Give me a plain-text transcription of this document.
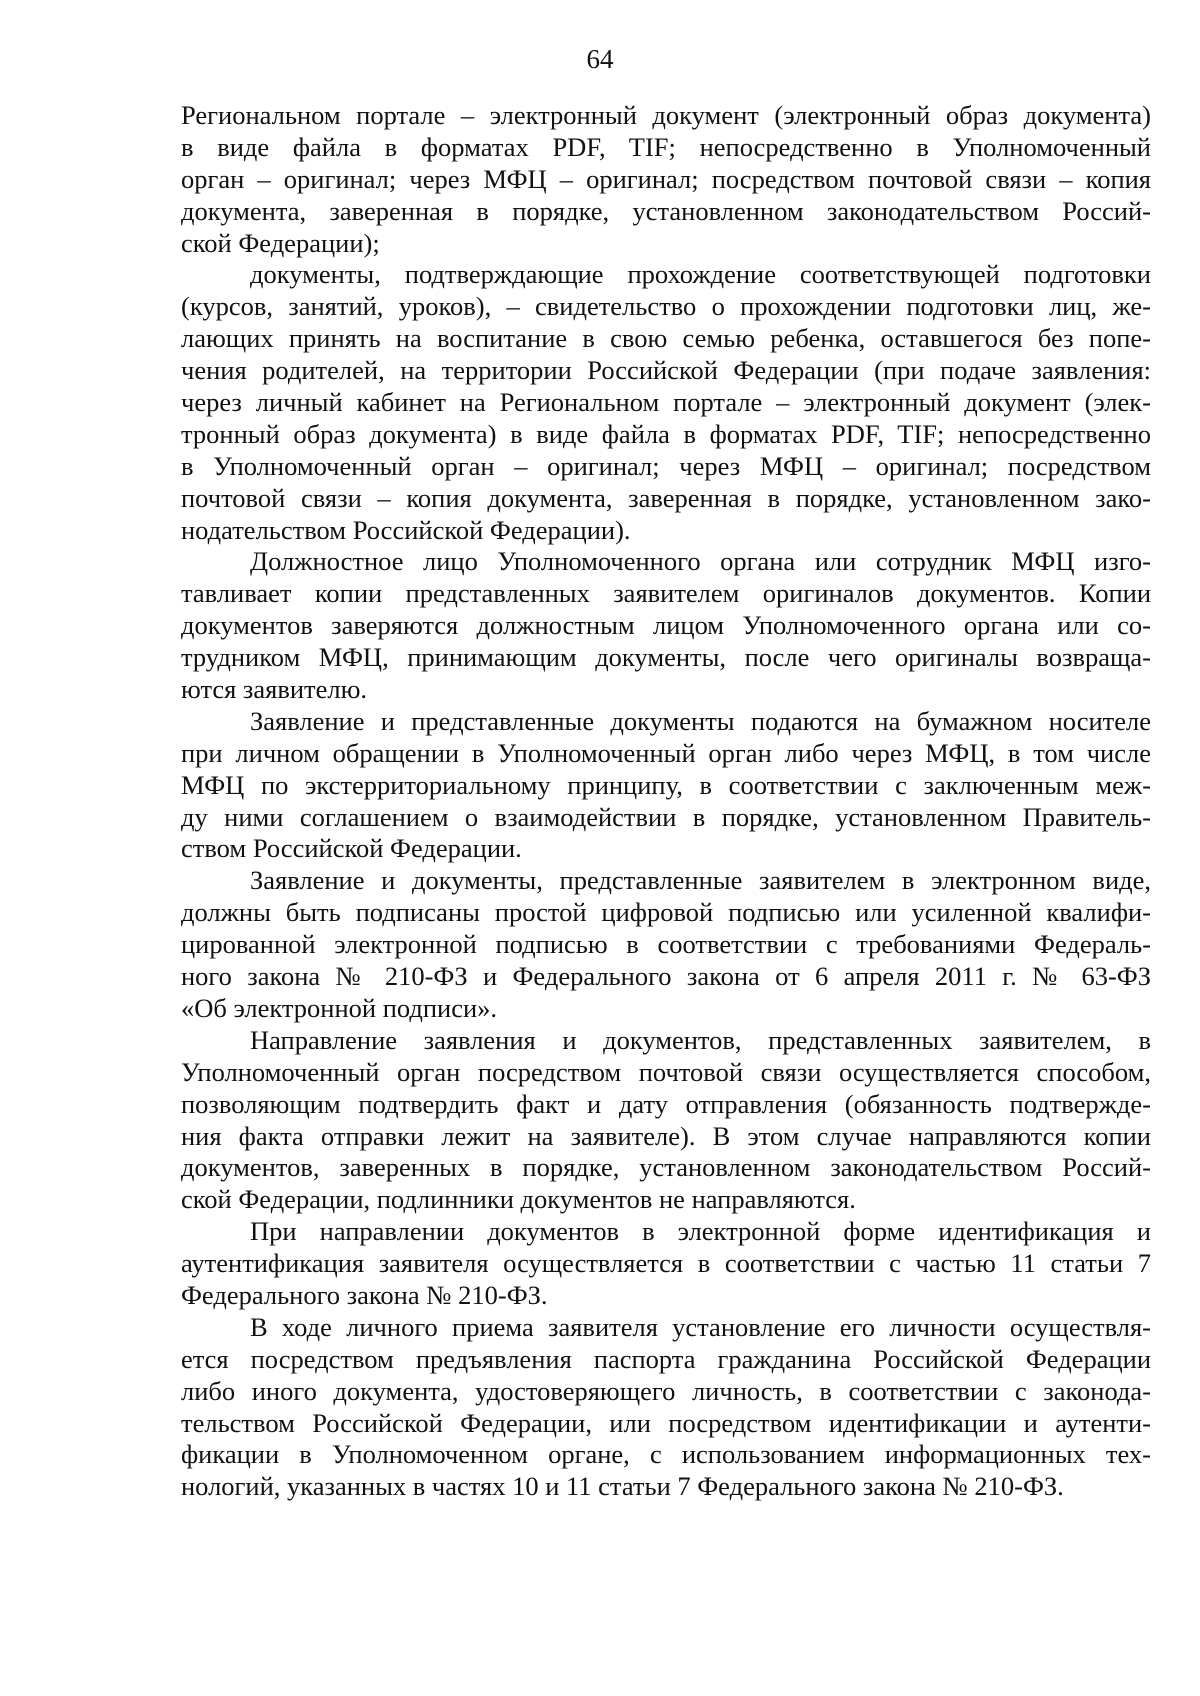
64
Региональном портале – электронный документ (электронный образ документа)
в виде файла в форматах PDF, TIF; непосредственно в Уполномоченный
орган – оригинал; через МФЦ – оригинал; посредством почтовой связи – копия
документа, заверенная в порядке, установленном законодательством Россий-
ской Федерации);
документы, подтверждающие прохождение соответствующей подготовки
(курсов, занятий, уроков), – свидетельство о прохождении подготовки лиц, же-
лающих принять на воспитание в свою семью ребенка, оставшегося без попе-
чения родителей, на территории Российской Федерации (при подаче заявления:
через личный кабинет на Региональном портале – электронный документ (элек-
тронный образ документа) в виде файла в форматах PDF, TIF; непосредственно
в Уполномоченный орган – оригинал; через МФЦ – оригинал; посредством
почтовой связи – копия документа, заверенная в порядке, установленном зако-
нодательством Российской Федерации).
Должностное лицо Уполномоченного органа или сотрудник МФЦ изго-
тавливает копии представленных заявителем оригиналов документов. Копии
документов заверяются должностным лицом Уполномоченного органа или со-
трудником МФЦ, принимающим документы, после чего оригиналы возвраща-
ются заявителю.
Заявление и представленные документы подаются на бумажном носителе
при личном обращении в Уполномоченный орган либо через МФЦ, в том числе
МФЦ по экстерриториальному принципу, в соответствии с заключенным меж-
ду ними соглашением о взаимодействии в порядке, установленном Правитель-
ством Российской Федерации.
Заявление и документы, представленные заявителем в электронном виде,
должны быть подписаны простой цифровой подписью или усиленной квалифи-
цированной электронной подписью в соответствии с требованиями Федераль-
ного закона № 210-ФЗ и Федерального закона от 6 апреля 2011 г. № 63-ФЗ
«Об электронной подписи».
Направление заявления и документов, представленных заявителем, в
Уполномоченный орган посредством почтовой связи осуществляется способом,
позволяющим подтвердить факт и дату отправления (обязанность подтвержде-
ния факта отправки лежит на заявителе). В этом случае направляются копии
документов, заверенных в порядке, установленном законодательством Россий-
ской Федерации, подлинники документов не направляются.
При направлении документов в электронной форме идентификация и
аутентификация заявителя осуществляется в соответствии с частью 11 статьи 7
Федерального закона № 210-ФЗ.
В ходе личного приема заявителя установление его личности осуществля-
ется посредством предъявления паспорта гражданина Российской Федерации
либо иного документа, удостоверяющего личность, в соответствии с законода-
тельством Российской Федерации, или посредством идентификации и аутенти-
фикации в Уполномоченном органе, с использованием информационных тех-
нологий, указанных в частях 10 и 11 статьи 7 Федерального закона № 210-ФЗ.
